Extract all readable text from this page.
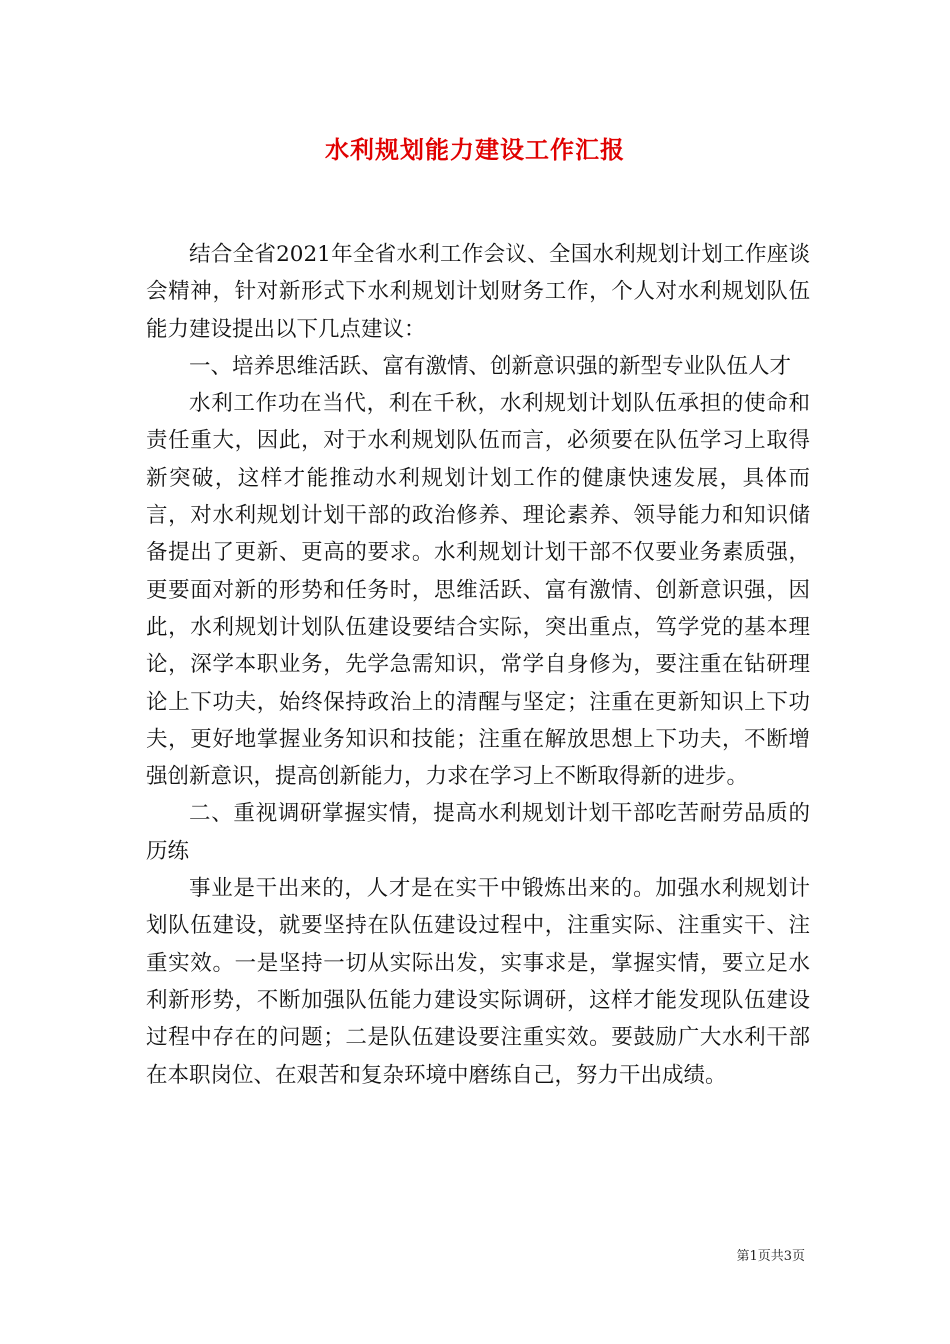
水利规划能力建设工作汇报

结合全省2021年全省水利工作会议、全国水利规划计划工作座谈会精神，针对新形式下水利规划计划财务工作，个人对水利规划队伍能力建设提出以下几点建议：

一、培养思维活跃、富有激情、创新意识强的新型专业队伍人才

水利工作功在当代，利在千秋，水利规划计划队伍承担的使命和责任重大，因此，对于水利规划队伍而言，必须要在队伍学习上取得新突破，这样才能推动水利规划计划工作的健康快速发展，具体而言，对水利规划计划干部的政治修养、理论素养、领导能力和知识储备提出了更新、更高的要求。水利规划计划干部不仅要业务素质强，更要面对新的形势和任务时，思维活跃、富有激情、创新意识强，因此，水利规划计划队伍建设要结合实际，突出重点，笃学党的基本理论，深学本职业务，先学急需知识，常学自身修为，要注重在钻研理论上下功夫，始终保持政治上的清醒与坚定；注重在更新知识上下功夫，更好地掌握业务知识和技能；注重在解放思想上下功夫，不断增强创新意识，提高创新能力，力求在学习上不断取得新的进步。

二、重视调研掌握实情，提高水利规划计划干部吃苦耐劳品质的历练

事业是干出来的，人才是在实干中锻炼出来的。加强水利规划计划队伍建设，就要坚持在队伍建设过程中，注重实际、注重实干、注重实效。一是坚持一切从实际出发，实事求是，掌握实情，要立足水利新形势，不断加强队伍能力建设实际调研，这样才能发现队伍建设过程中存在的问题；二是队伍建设要注重实效。要鼓励广大水利干部在本职岗位、在艰苦和复杂环境中磨练自己，努力干出成绩。

第1页共3页
